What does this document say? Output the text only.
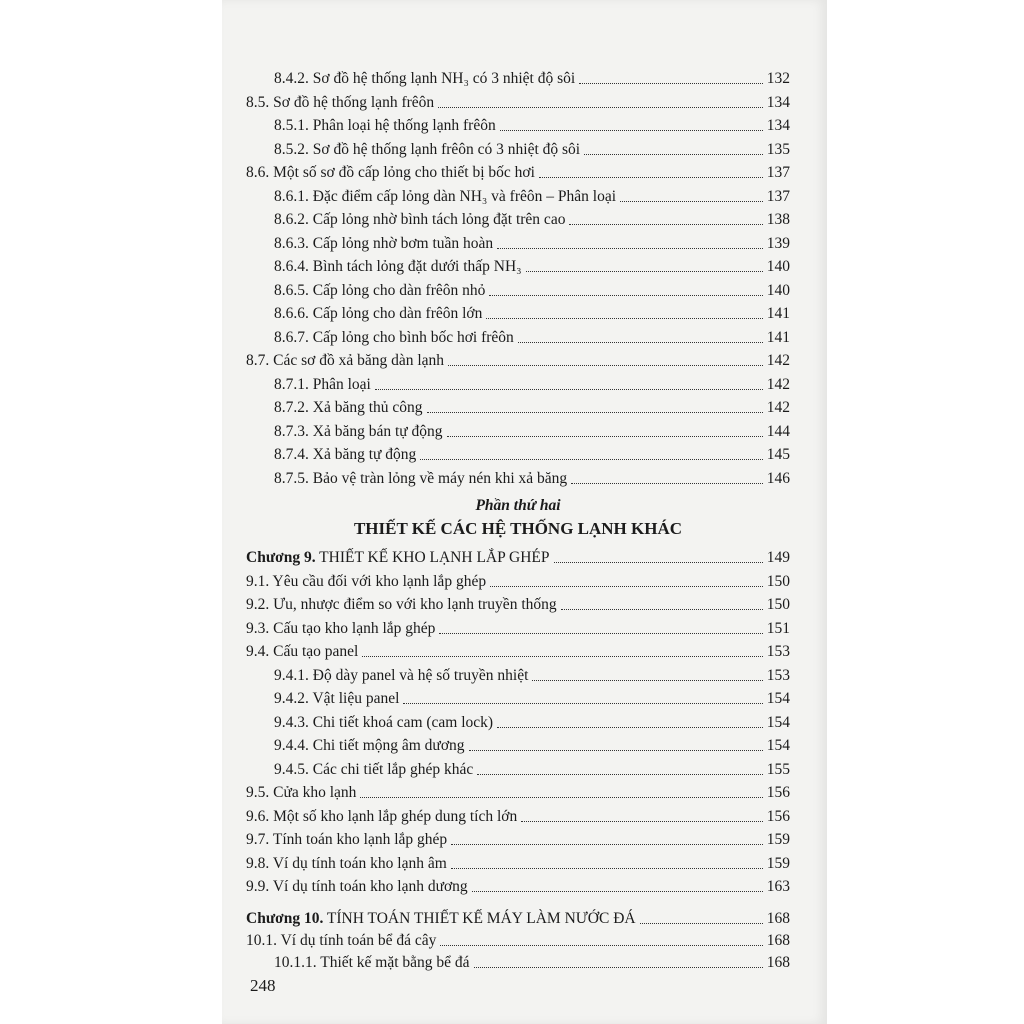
8.4.2. Sơ đồ hệ thống lạnh NH₃ có 3 nhiệt độ sôi	132
8.5. Sơ đồ hệ thống lạnh frêôn	134
8.5.1. Phân loại hệ thống lạnh frêôn	134
8.5.2. Sơ đồ hệ thống lạnh frêôn có 3 nhiệt độ sôi	135
8.6. Một số sơ đồ cấp lỏng cho thiết bị bốc hơi	137
8.6.1. Đặc điểm cấp lỏng dàn NH₃ và frêôn – Phân loại	137
8.6.2. Cấp lỏng nhờ bình tách lỏng đặt trên cao	138
8.6.3. Cấp lỏng nhờ bơm tuần hoàn	139
8.6.4. Bình tách lỏng đặt dưới thấp NH₃	140
8.6.5. Cấp lỏng cho dàn frêôn nhỏ	140
8.6.6. Cấp lỏng cho dàn frêôn lớn	141
8.6.7. Cấp lỏng cho bình bốc hơi frêôn	141
8.7. Các sơ đồ xả băng dàn lạnh	142
8.7.1. Phân loại	142
8.7.2. Xả băng thủ công	142
8.7.3. Xả băng bán tự động	144
8.7.4. Xả băng tự động	145
8.7.5. Bảo vệ tràn lỏng về máy nén khi xả băng	146
Phần thứ hai
THIẾT KẾ CÁC HỆ THỐNG LẠNH KHÁC
Chương 9. THIẾT KẾ KHO LẠNH LẮP GHÉP	149
9.1. Yêu cầu đối với kho lạnh lắp ghép	150
9.2. Ưu, nhược điểm so với kho lạnh truyền thống	150
9.3. Cấu tạo kho lạnh lắp ghép	151
9.4. Cấu tạo panel	153
9.4.1. Độ dày panel và hệ số truyền nhiệt	153
9.4.2. Vật liệu panel	154
9.4.3. Chi tiết khoá cam (cam lock)	154
9.4.4. Chi tiết mộng âm dương	154
9.4.5. Các chi tiết lắp ghép khác	155
9.5. Cửa kho lạnh	156
9.6. Một số kho lạnh lắp ghép dung tích lớn	156
9.7. Tính toán kho lạnh lắp ghép	159
9.8. Ví dụ tính toán kho lạnh âm	159
9.9. Ví dụ tính toán kho lạnh dương	163
Chương 10. TÍNH TOÁN THIẾT KẾ MÁY LÀM NƯỚC ĐÁ	168
10.1. Ví dụ tính toán bể đá cây	168
10.1.1. Thiết kế mặt bằng bể đá	168
248
